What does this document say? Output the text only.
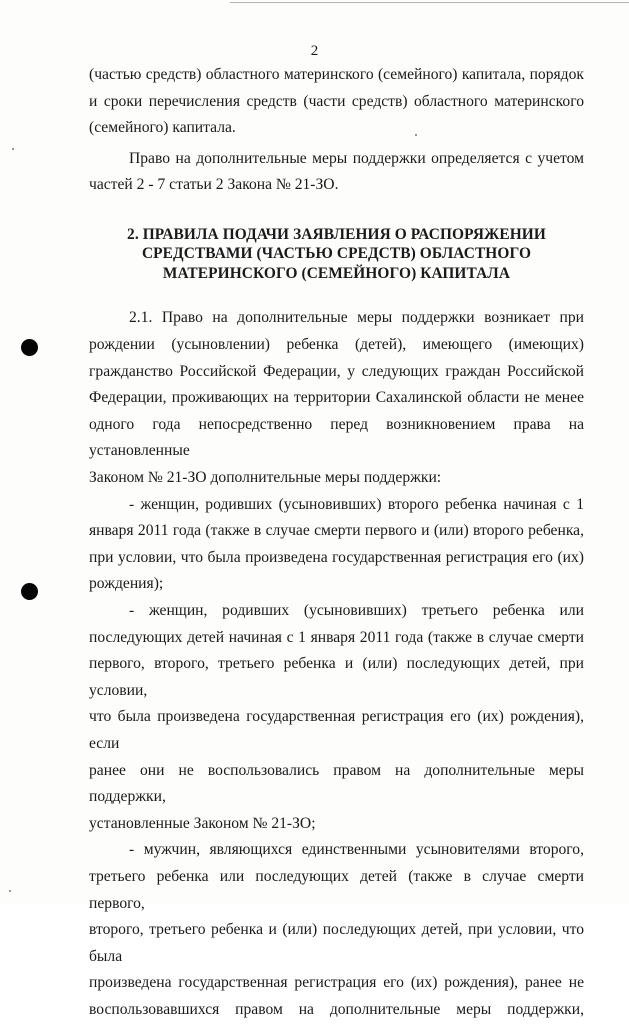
2

(частью средств) областного материнского (семейного) капитала, порядок и сроки перечисления средств (части средств) областного материнского

(семейного) капитала.

Право на дополнительные меры поддержки определяется с учетом

частей 2 - 7 статьи 2 Закона № 21-ЗО.

2. ПРАВИЛА ПОДАЧИ ЗАЯВЛЕНИЯ О РАСПОРЯЖЕНИИ
СРЕДСТВАМИ (ЧАСТЬЮ СРЕДСТВ) ОБЛАСТНОГО
МАТЕРИНСКОГО (СЕМЕЙНОГО) КАПИТАЛА

2.1. Право на дополнительные меры поддержки возникает при

рождении (усыновлении) ребенка (детей), имеющего (имеющих)

гражданство Российской Федерации, у следующих граждан Российской

Федерации, проживающих на территории Сахалинской области не менее

одного года непосредственно перед возникновением права на установленные

Законом № 21-ЗО дополнительные меры поддержки:

- женщин, родивших (усыновивших) второго ребенка начиная с 1

января 2011 года (также в случае смерти первого и (или) второго ребенка,

при условии, что была произведена государственная регистрация его (их)

рождения);

- женщин, родивших (усыновивших) третьего ребенка или

последующих детей начиная с 1 января 2011 года (также в случае смерти

первого, второго, третьего ребенка и (или) последующих детей, при условии,

что была произведена государственная регистрация его (их) рождения), если

ранее они не воспользовались правом на дополнительные меры поддержки,

установленные Законом № 21-ЗО;

- мужчин, являющихся единственными усыновителями второго,

третьего ребенка или последующих детей (также в случае смерти первого,

второго, третьего ребенка и (или) последующих детей, при условии, что была

произведена государственная регистрация его (их) рождения), ранее не

воспользовавшихся правом на дополнительные меры поддержки,
